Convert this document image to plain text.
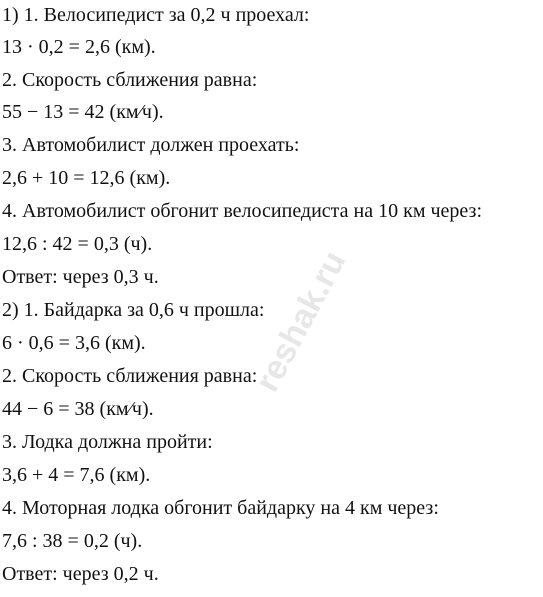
reshak.ru
1) 1. Велосипедист за 0,2 ч проехал:
13 · 0,2 = 2,6 (км).
2. Скорость сближения равна:
55 − 13 = 42 (км⁄ч).
3. Автомобилист должен проехать:
2,6 + 10 = 12,6 (км).
4. Автомобилист обгонит велосипедиста на 10 км через:
12,6 : 42 = 0,3 (ч).
Ответ: через 0,3 ч.
2) 1. Байдарка за 0,6 ч прошла:
6 · 0,6 = 3,6 (км).
2. Скорость сближения равна:
44 − 6 = 38 (км⁄ч).
3. Лодка должна пройти:
3,6 + 4 = 7,6 (км).
4. Моторная лодка обгонит байдарку на 4 км через:
7,6 : 38 = 0,2 (ч).
Ответ: через 0,2 ч.
